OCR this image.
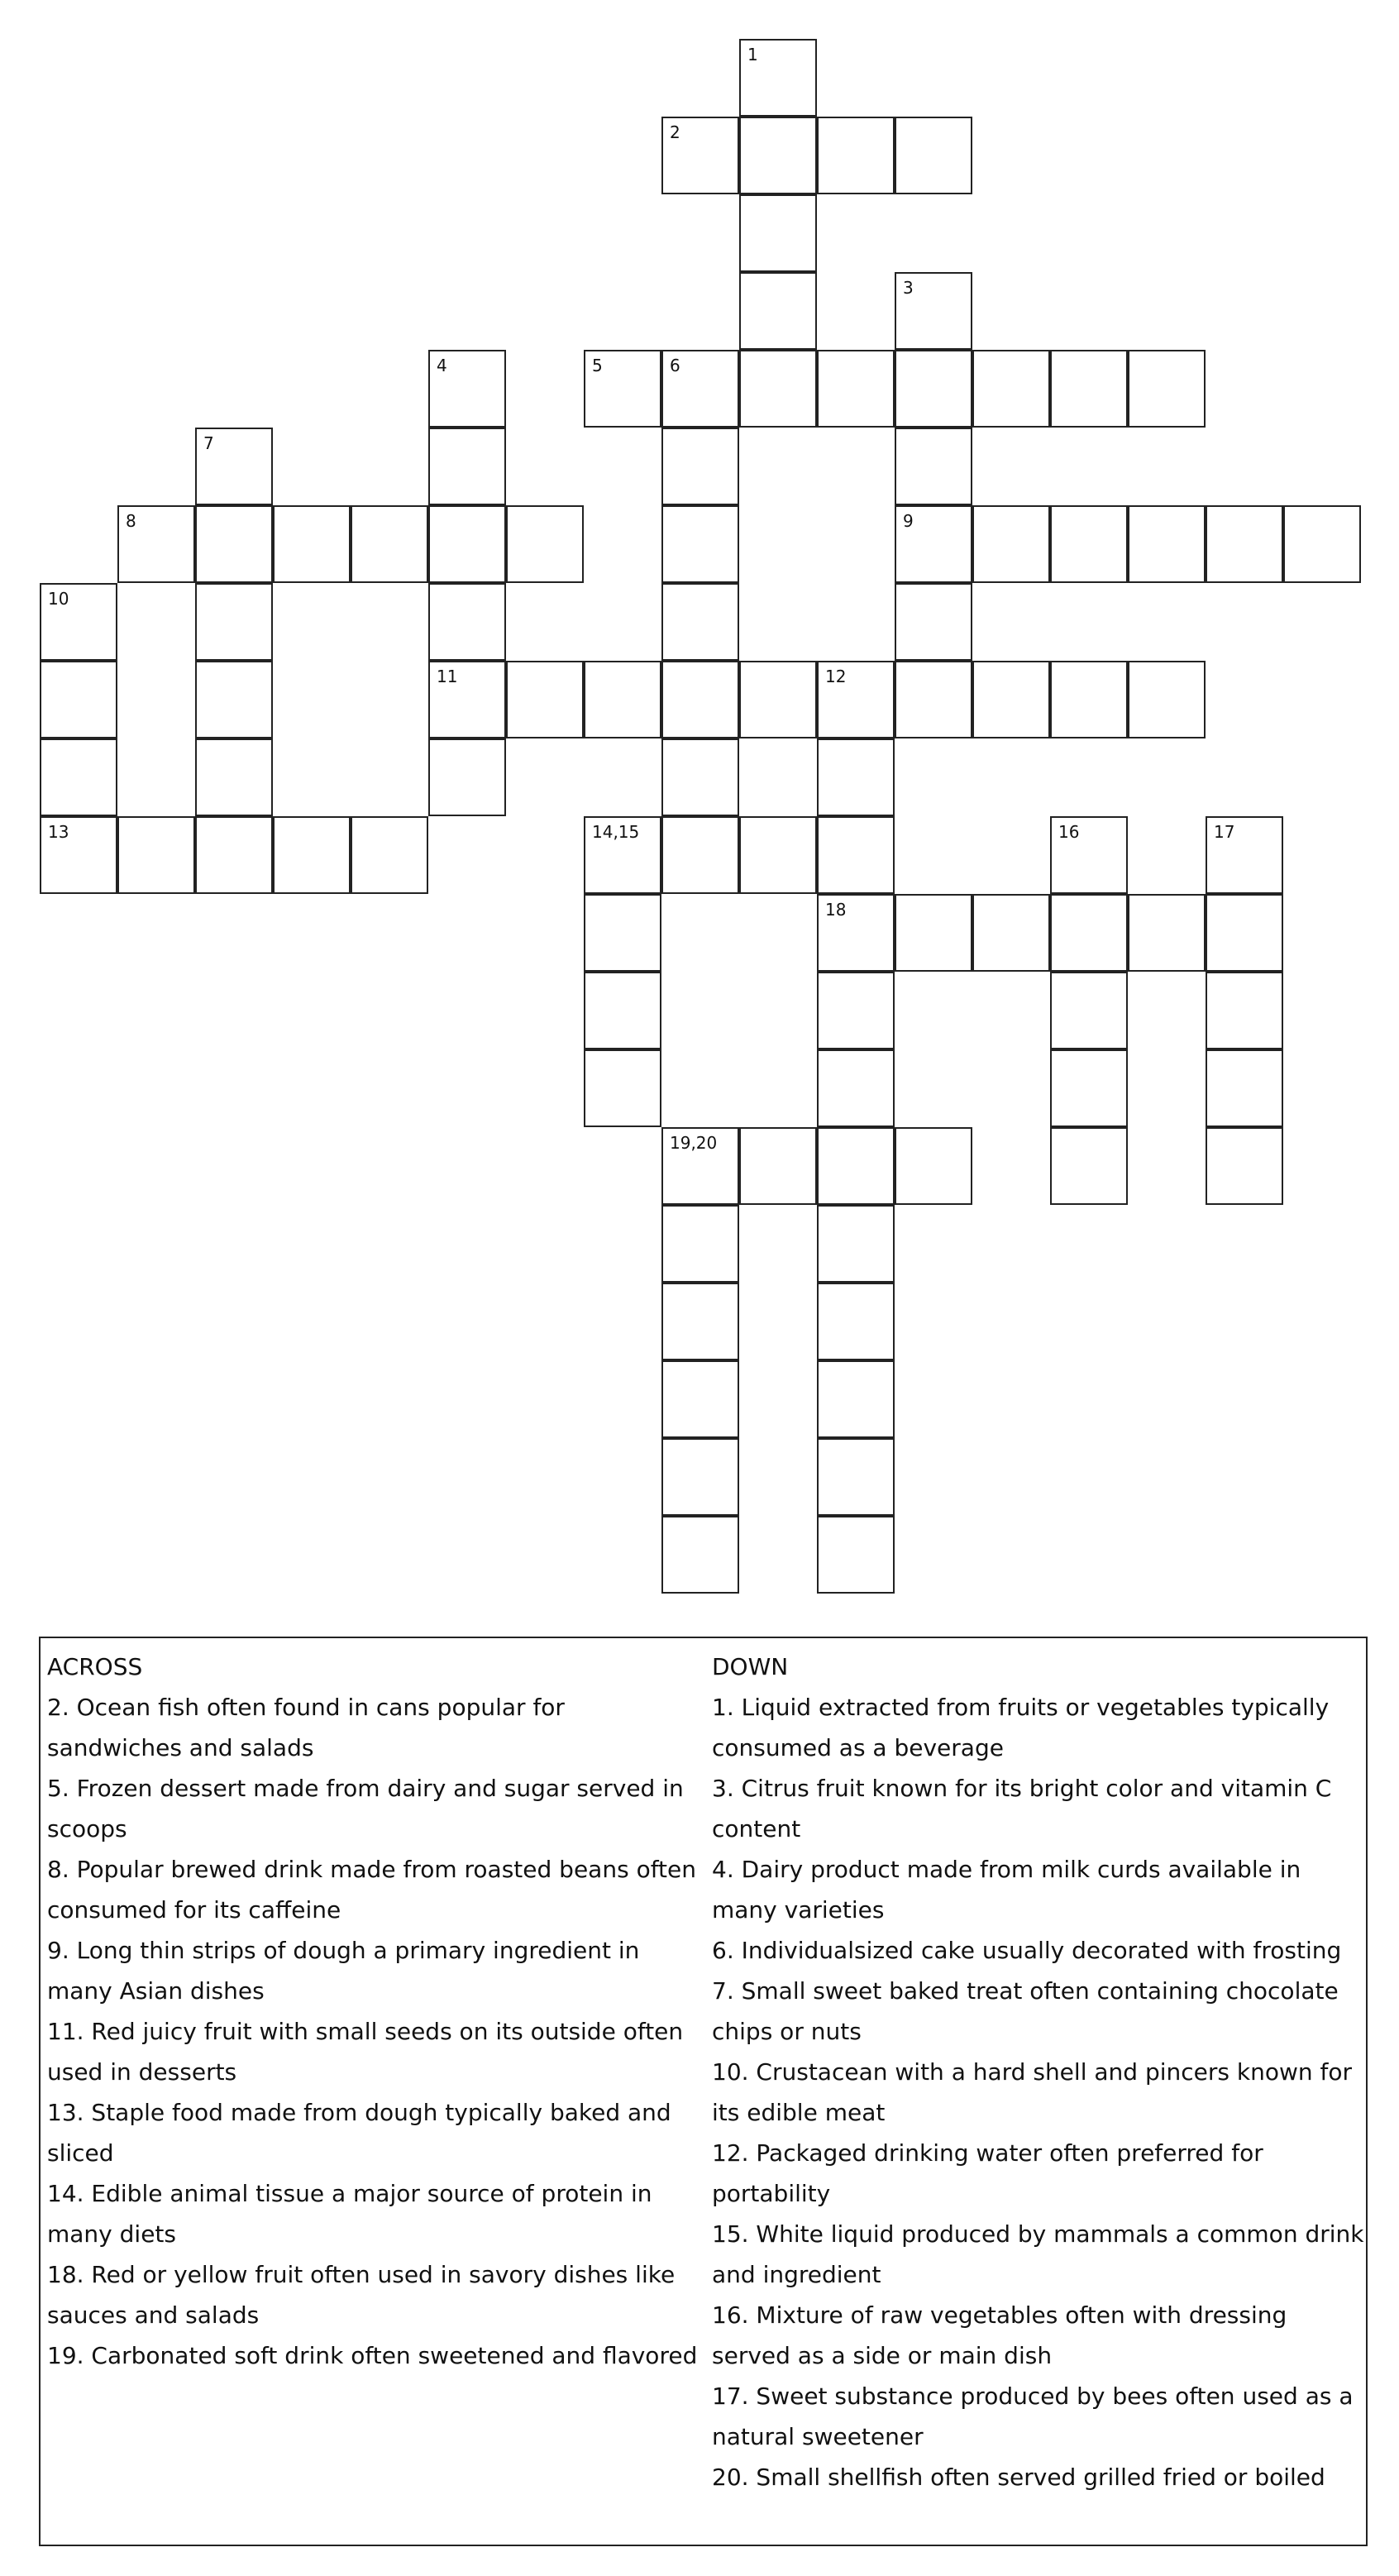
1
2
3
4	5	6
7
8	9
10
11	12
13	14,15	16	17
18
19,20
ACROSS
2. Ocean fish often found in cans popular for sandwiches and salads
5. Frozen dessert made from dairy and sugar served in scoops
8. Popular brewed drink made from roasted beans often consumed for its caffeine
9. Long thin strips of dough a primary ingredient in many Asian dishes
11. Red juicy fruit with small seeds on its outside often used in desserts
13. Staple food made from dough typically baked and sliced
14. Edible animal tissue a major source of protein in many diets
18. Red or yellow fruit often used in savory dishes like sauces and salads
19. Carbonated soft drink often sweetened and flavored
DOWN
1. Liquid extracted from fruits or vegetables typically consumed as a beverage
3. Citrus fruit known for its bright color and vitamin C content
4. Dairy product made from milk curds available in many varieties
6. Individualsized cake usually decorated with frosting
7. Small sweet baked treat often containing chocolate chips or nuts
10. Crustacean with a hard shell and pincers known for its edible meat
12. Packaged drinking water often preferred for portability
15. White liquid produced by mammals a common drink and ingredient
16. Mixture of raw vegetables often with dressing served as a side or main dish
17. Sweet substance produced by bees often used as a natural sweetener
20. Small shellfish often served grilled fried or boiled
